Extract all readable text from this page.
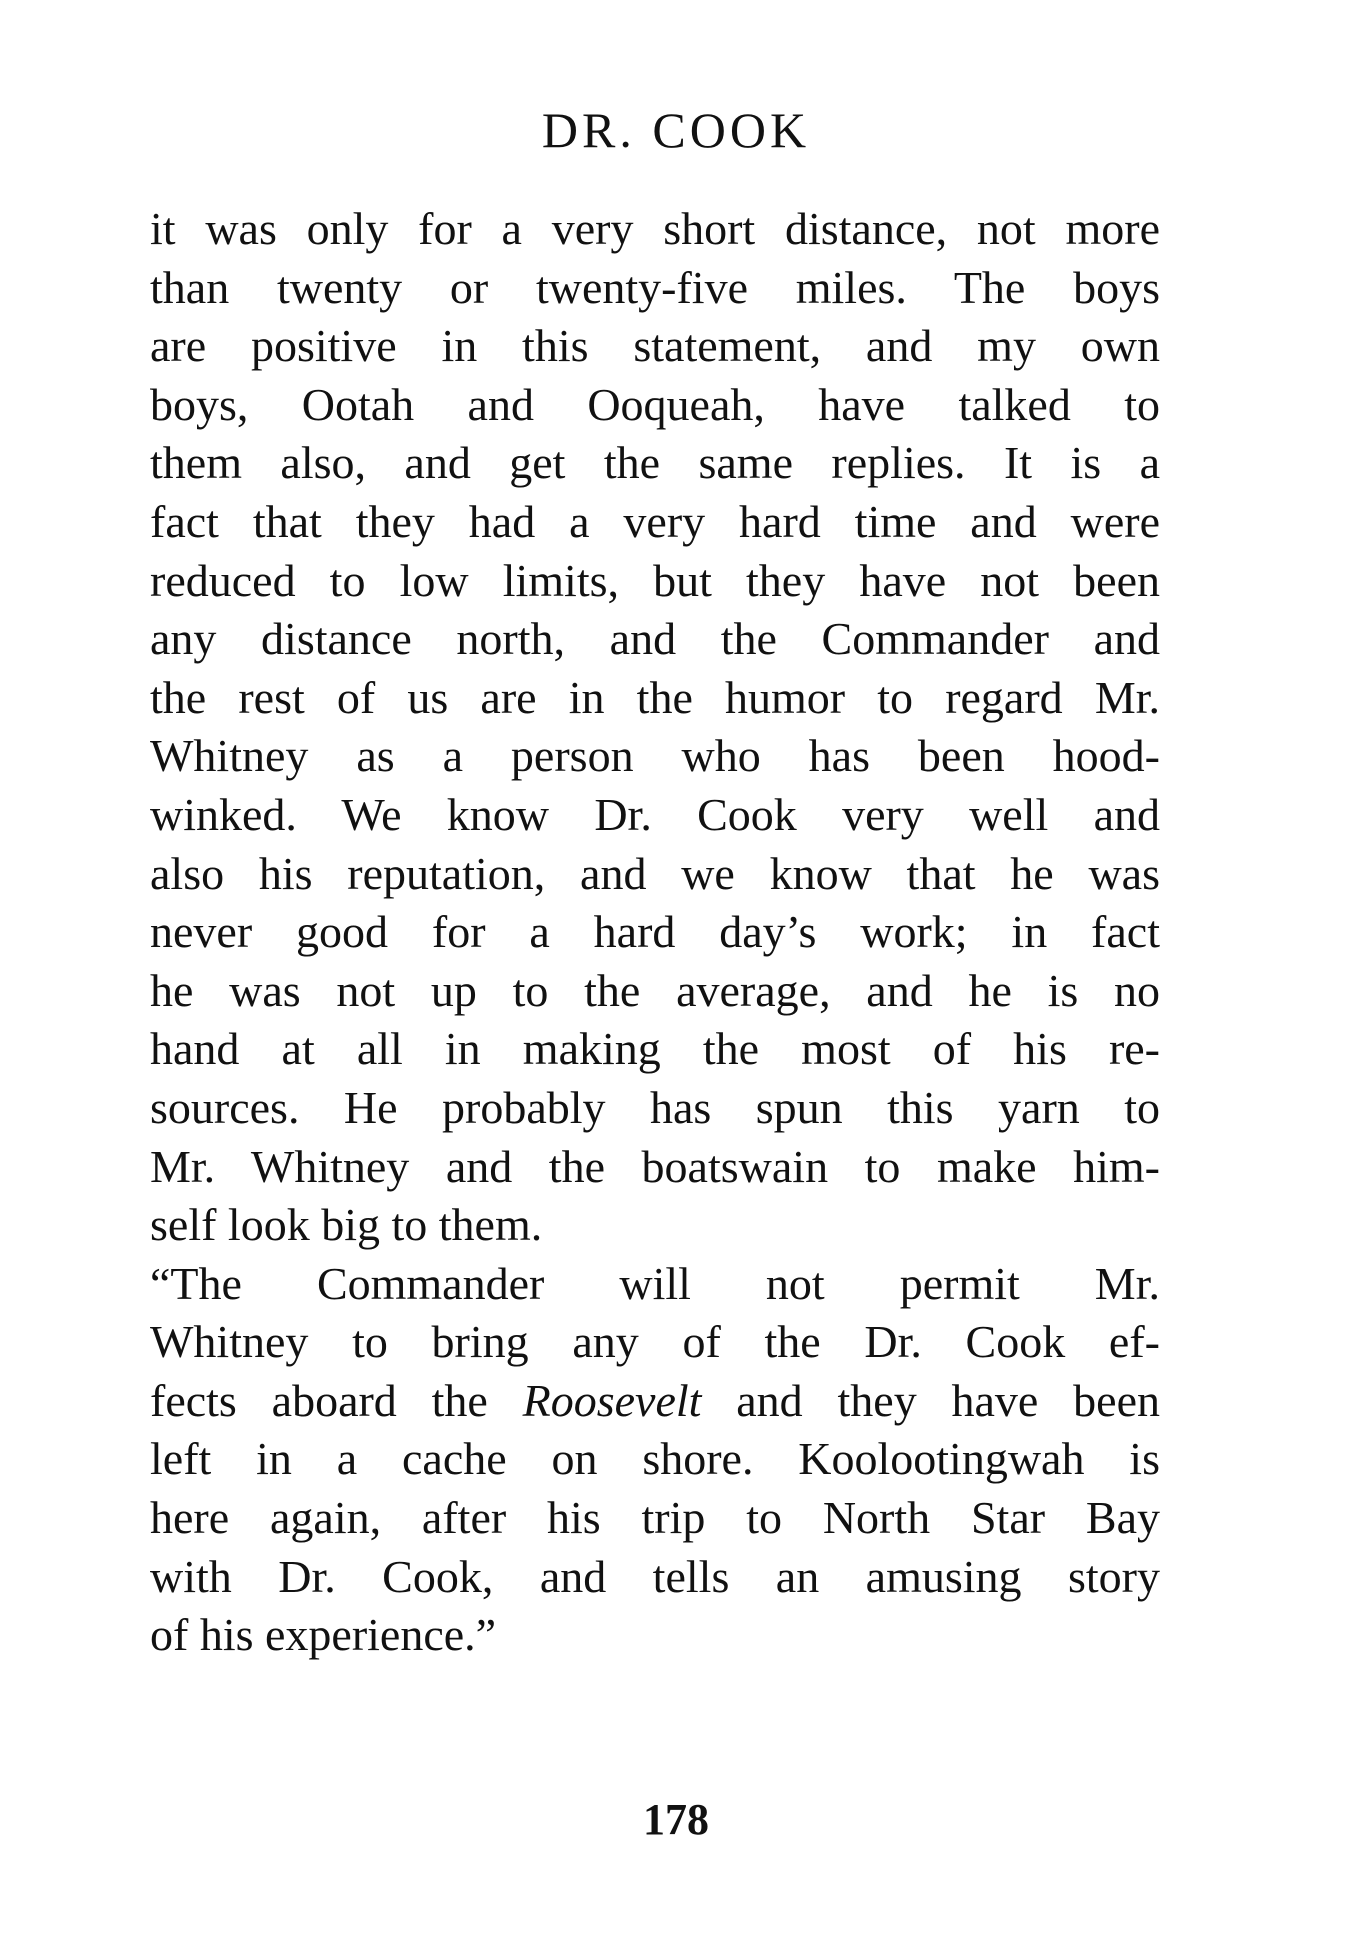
DR. COOK
it was only for a very short distance, not more
than twenty or twenty-five miles. The boys
are positive in this statement, and my own
boys, Ootah and Ooqueah, have talked to
them also, and get the same replies. It is a
fact that they had a very hard time and were
reduced to low limits, but they have not been
any distance north, and the Commander and
the rest of us are in the humor to regard Mr.
Whitney as a person who has been hood-
winked. We know Dr. Cook very well and
also his reputation, and we know that he was
never good for a hard day’s work; in fact
he was not up to the average, and he is no
hand at all in making the most of his re-
sources. He probably has spun this yarn to
Mr. Whitney and the boatswain to make him-
self look big to them.
“The Commander will not permit Mr.
Whitney to bring any of the Dr. Cook ef-
fects aboard the Roosevelt and they have been
left in a cache on shore. Koolootingwah is
here again, after his trip to North Star Bay
with Dr. Cook, and tells an amusing story
of his experience.”
178
